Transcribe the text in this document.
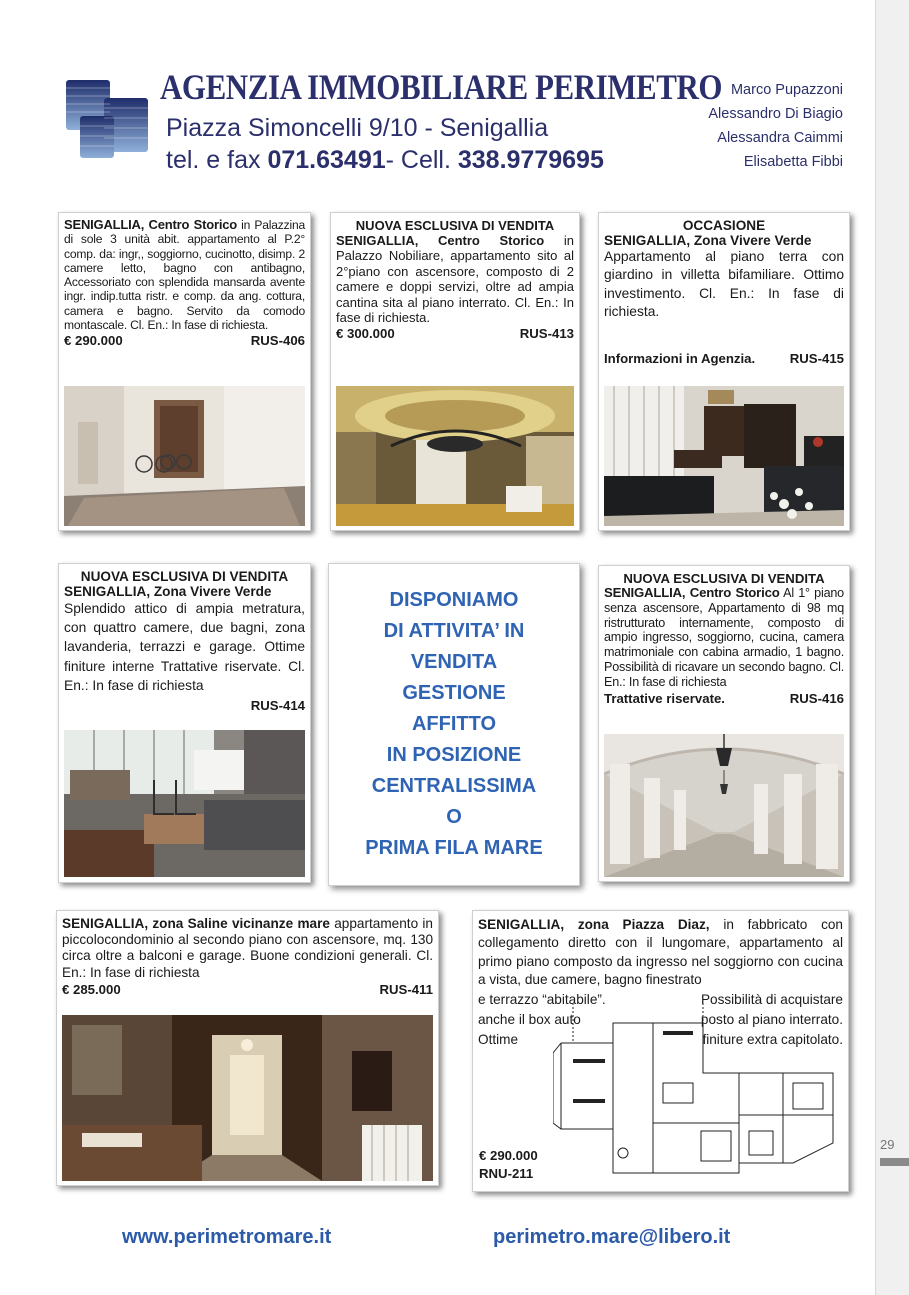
29
AGENZIA IMMOBILIARE PERIMETRO
Piazza Simoncelli 9/10 - Senigallia
tel. e fax 071.63491- Cell. 338.9779695
Marco Pupazzoni
Alessandro Di Biagio
Alessandra Caimmi
Elisabetta Fibbi
SENIGALLIA, Centro Storico in Palazzina di sole 3 unità abit. appartamento al P.2° comp. da: ingr,, soggiorno, cucinotto, disimp. 2 camere letto, bagno con antibagno, Accessoriato con splendida mansarda avente ingr. indip.tutta ristr. e comp. da ang. cottura, camera e bagno. Servito da comodo montascale. Cl. En.: In fase di richiesta.
€ 290.000	RUS-406
NUOVA ESCLUSIVA DI VENDITA
SENIGALLIA, Centro Storico in Palazzo Nobiliare, appartamento sito al 2°piano con ascensore, composto di 2 camere e doppi servizi, oltre ad ampia cantina sita al piano interrato. Cl. En.: In fase di richiesta.
€ 300.000	RUS-413
OCCASIONE
SENIGALLIA, Zona Vivere Verde
Appartamento al piano terra con giardino in villetta bifamiliare. Ottimo investimento. Cl. En.: In fase di richiesta.
Informazioni in Agenzia.	RUS-415
NUOVA ESCLUSIVA DI VENDITA
SENIGALLIA, Zona Vivere Verde
Splendido attico di ampia metratura, con quattro camere, due bagni, zona lavanderia, terrazzi e garage. Ottime finiture interne Trattative riservate. Cl. En.: In fase di richiesta
RUS-414
DISPONIAMO
DI ATTIVITA’ IN
VENDITA
GESTIONE
AFFITTO
IN POSIZIONE
CENTRALISSIMA
O
PRIMA FILA MARE
NUOVA ESCLUSIVA DI VENDITA
SENIGALLIA, Centro Storico Al 1° piano senza ascensore, Appartamento di 98 mq ristrutturato internamente, composto di ampio ingresso, soggiorno, cucina, camera matrimoniale con cabina armadio, 1 bagno. Possibilità di ricavare un secondo bagno. Cl. En.: In fase di richiesta
Trattative riservate.	RUS-416
SENIGALLIA, zona Saline vicinanze mare appartamento in piccolocondominio al secondo piano con ascensore, mq. 130 circa oltre a balconi e garage. Buone condizioni generali. Cl. En.: In fase di richiesta
€ 285.000	RUS-411
SENIGALLIA, zona Piazza Diaz, in fabbricato con collegamento diretto con il lungomare, appartamento al primo piano composto da ingresso nel soggiorno con cucina a vista, due camere, bagno finestrato
e terrazzo “abitabile”.
anche il box auto
Ottime
Possibilità di acquistare
posto al piano interrato.
finiture extra capitolato.
€ 290.000
RNU-211
www.perimetromare.it	perimetro.mare@libero.it
